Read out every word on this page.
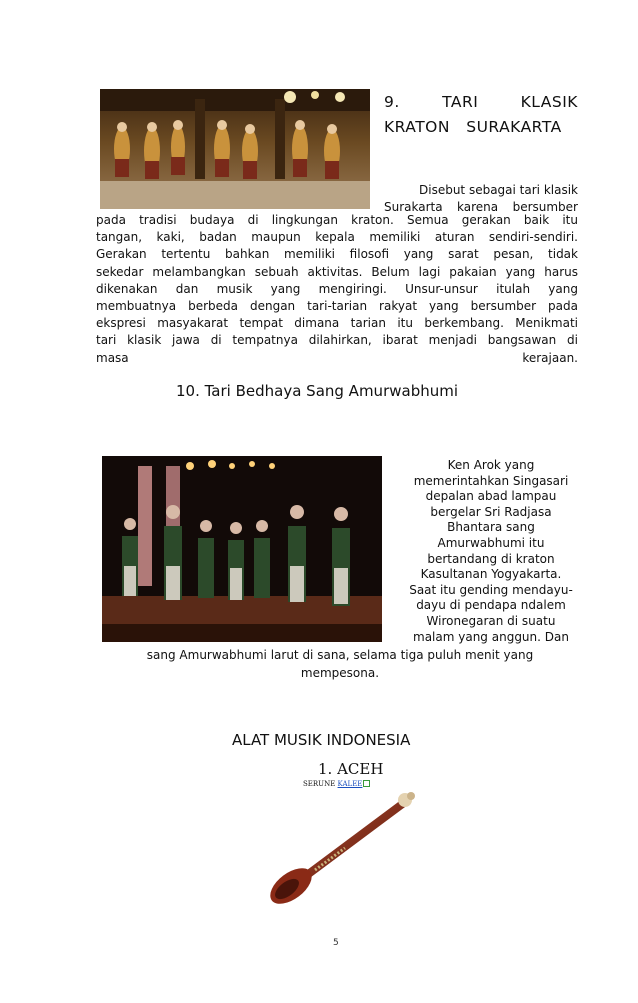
9.	TARI	KLASIK
KRATON SURAKARTA
Disebut sebagai tari klasik
Surakarta karena bersumber
pada tradisi budaya di lingkungan kraton. Semua gerakan baik itu
tangan, kaki, badan maupun kepala memiliki aturan sendiri-sendiri.
Gerakan tertentu bahkan memiliki filosofi yang sarat pesan, tidak
sekedar melambangkan sebuah aktivitas. Belum lagi pakaian yang harus
dikenakan dan musik yang mengiringi. Unsur-unsur itulah yang
membuatnya berbeda dengan tari-tarian rakyat yang bersumber pada
ekspresi masyakarat tempat dimana tarian itu berkembang. Menikmati
tari klasik jawa di tempatnya dilahirkan, ibarat menjadi bangsawan di
masa kerajaan.
10. Tari Bedhaya Sang Amurwabhumi
Ken Arok yang
memerintahkan Singasari
depalan abad lampau
bergelar Sri Radjasa
Bhantara sang
Amurwabhumi itu
bertandang di kraton
Kasultanan Yogyakarta.
Saat itu gending mendayu-
dayu di pendapa ndalem
Wironegaran di suatu
malam yang anggun. Dan
sang Amurwabhumi larut di sana, selama tiga puluh menit yang
mempesona.
ALAT MUSIK INDONESIA
1. ACEH
SERUNE KALEE
5
